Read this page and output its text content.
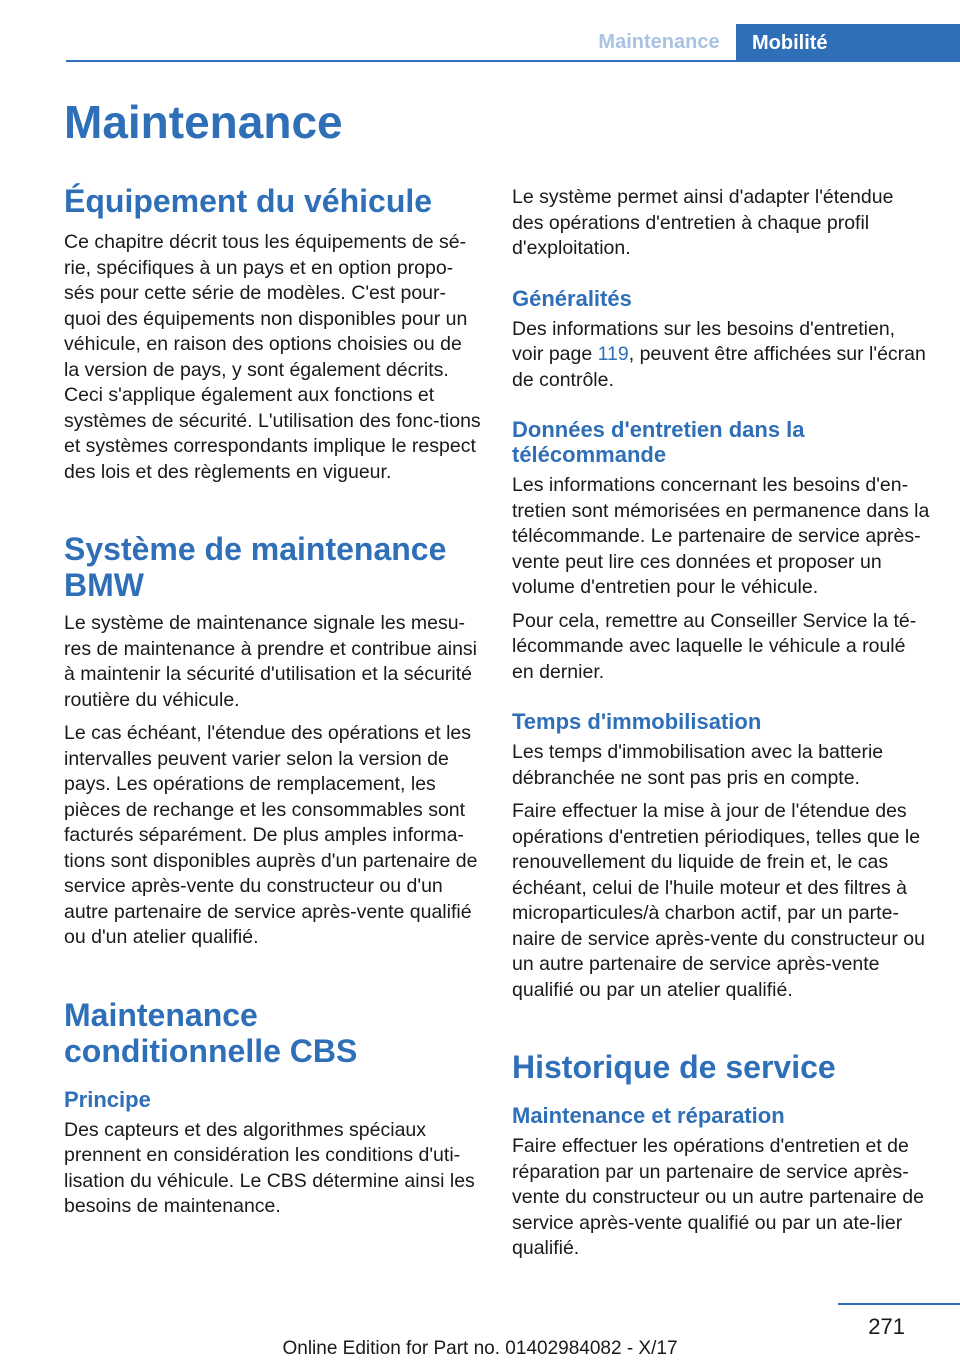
Maintenance	Mobilité
Maintenance
Équipement du véhicule

Ce chapitre décrit tous les équipements de sé-rie, spécifiques à un pays et en option propo-sés pour cette série de modèles. C'est pour-quoi des équipements non disponibles pour un véhicule, en raison des options choisies ou de la version de pays, y sont également décrits. Ceci s'applique également aux fonctions et systèmes de sécurité. L'utilisation des fonc-tions et systèmes correspondants implique le respect des lois et des règlements en vigueur.

Système de maintenance BMW

Le système de maintenance signale les mesu-res de maintenance à prendre et contribue ainsi à maintenir la sécurité d'utilisation et la sécurité routière du véhicule.

Le cas échéant, l'étendue des opérations et les intervalles peuvent varier selon la version de pays. Les opérations de remplacement, les pièces de rechange et les consommables sont facturés séparément. De plus amples informa-tions sont disponibles auprès d'un partenaire de service après-vente du constructeur ou d'un autre partenaire de service après-vente qualifié ou d'un atelier qualifié.

Maintenance conditionnelle CBS
Principe

Des capteurs et des algorithmes spéciaux prennent en considération les conditions d'uti-lisation du véhicule. Le CBS détermine ainsi les besoins de maintenance.

Le système permet ainsi d'adapter l'étendue des opérations d'entretien à chaque profil d'exploitation.

Généralités

Des informations sur les besoins d'entretien, voir page 119, peuvent être affichées sur l'écran de contrôle.

Données d'entretien dans la télécommande

Les informations concernant les besoins d'en-tretien sont mémorisées en permanence dans la télécommande. Le partenaire de service après-vente peut lire ces données et proposer un volume d'entretien pour le véhicule.

Pour cela, remettre au Conseiller Service la té-lécommande avec laquelle le véhicule a roulé en dernier.

Temps d'immobilisation

Les temps d'immobilisation avec la batterie débranchée ne sont pas pris en compte.

Faire effectuer la mise à jour de l'étendue des opérations d'entretien périodiques, telles que le renouvellement du liquide de frein et, le cas échéant, celui de l'huile moteur et des filtres à microparticules/à charbon actif, par un parte-naire de service après-vente du constructeur ou un autre partenaire de service après-vente qualifié ou par un atelier qualifié.

Historique de service
Maintenance et réparation

Faire effectuer les opérations d'entretien et de réparation par un partenaire de service après-vente du constructeur ou un autre partenaire de service après-vente qualifié ou par un ate-lier qualifié.

271
Online Edition for Part no. 01402984082 - X/17
